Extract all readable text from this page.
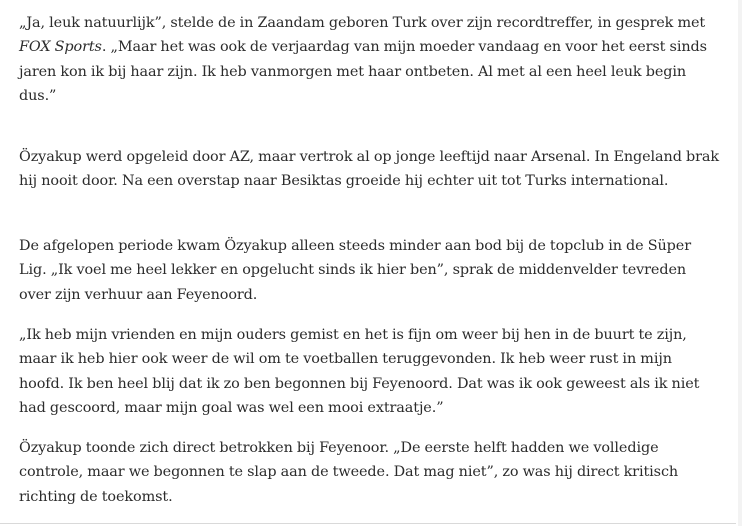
„Ja, leuk natuurlijk”, stelde de in Zaandam geboren Turk over zijn recordtreffer, in gesprek met FOX Sports. „Maar het was ook de verjaardag van mijn moeder vandaag en voor het eerst sinds jaren kon ik bij haar zijn. Ik heb vanmorgen met haar ontbeten. Al met al een heel leuk begin dus.”

Özyakup werd opgeleid door AZ, maar vertrok al op jonge leeftijd naar Arsenal. In Engeland brak hij nooit door. Na een overstap naar Besiktas groeide hij echter uit tot Turks international.

De afgelopen periode kwam Özyakup alleen steeds minder aan bod bij de topclub in de Süper Lig. „Ik voel me heel lekker en opgelucht sinds ik hier ben”, sprak de middenvelder tevreden over zijn verhuur aan Feyenoord.

„Ik heb mijn vrienden en mijn ouders gemist en het is fijn om weer bij hen in de buurt te zijn, maar ik heb hier ook weer de wil om te voetballen teruggevonden. Ik heb weer rust in mijn hoofd. Ik ben heel blij dat ik zo ben begonnen bij Feyenoord. Dat was ik ook geweest als ik niet had gescoord, maar mijn goal was wel een mooi extraatje.”

Özyakup toonde zich direct betrokken bij Feyenoor. „De eerste helft hadden we volledige controle, maar we begonnen te slap aan de tweede. Dat mag niet”, zo was hij direct kritisch richting de toekomst.
